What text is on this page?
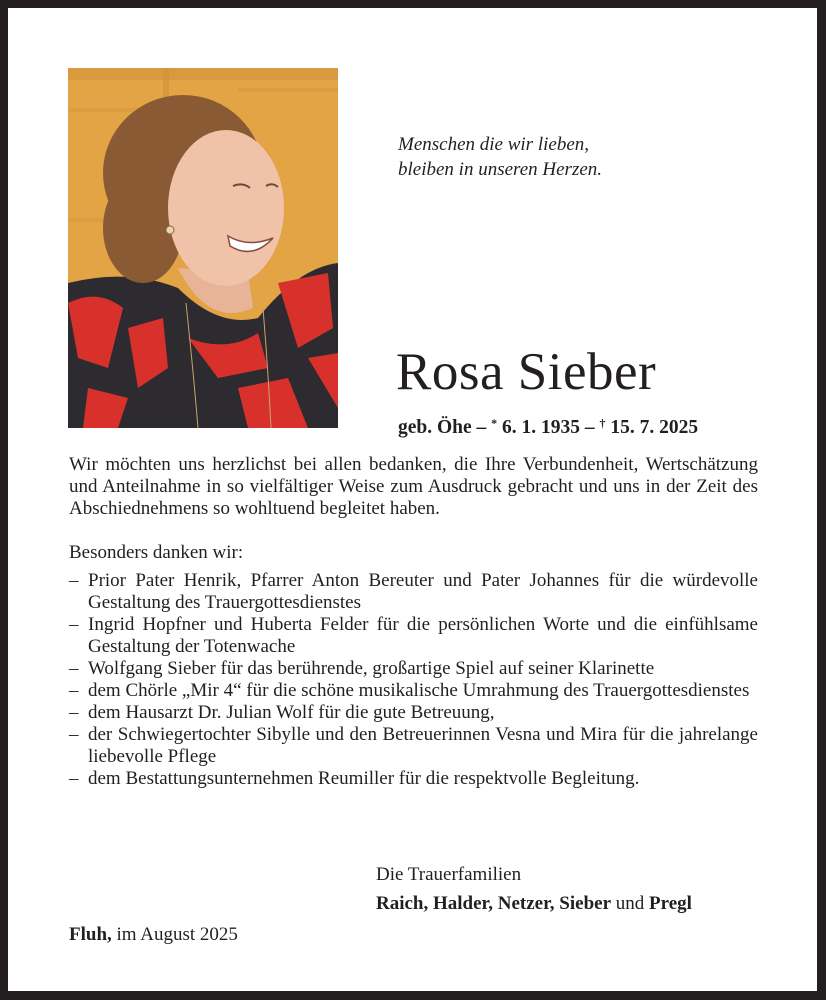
Menschen die wir lieben,
bleiben in unseren Herzen.
Rosa Sieber
geb. Öhe – * 6. 1. 1935 – † 15. 7. 2025

Wir möchten uns herzlichst bei allen bedanken, die Ihre Verbundenheit, Wertschätzung und Anteilnahme in so vielfältiger Weise zum Ausdruck gebracht und uns in der Zeit des Abschiednehmens so wohltuend begleitet haben.

Besonders danken wir:
– Prior Pater Henrik, Pfarrer Anton Bereuter und Pater Johannes für die würdevolle Gestaltung des Trauergottesdienstes
– Ingrid Hopfner und Huberta Felder für die persönlichen Worte und die einfühlsame Gestaltung der Totenwache
– Wolfgang Sieber für das berührende, großartige Spiel auf seiner Klarinette
– dem Chörle „Mir 4“ für die schöne musikalische Umrahmung des Trauergottesdienstes
– dem Hausarzt Dr. Julian Wolf für die gute Betreuung,
– der Schwiegertochter Sibylle und den Betreuerinnen Vesna und Mira für die jahrelange liebevolle Pflege
– dem Bestattungsunternehmen Reumiller für die respektvolle Begleitung.
Die Trauerfamilien
Raich, Halder, Netzer, Sieber und Pregl
Fluh, im August 2025
